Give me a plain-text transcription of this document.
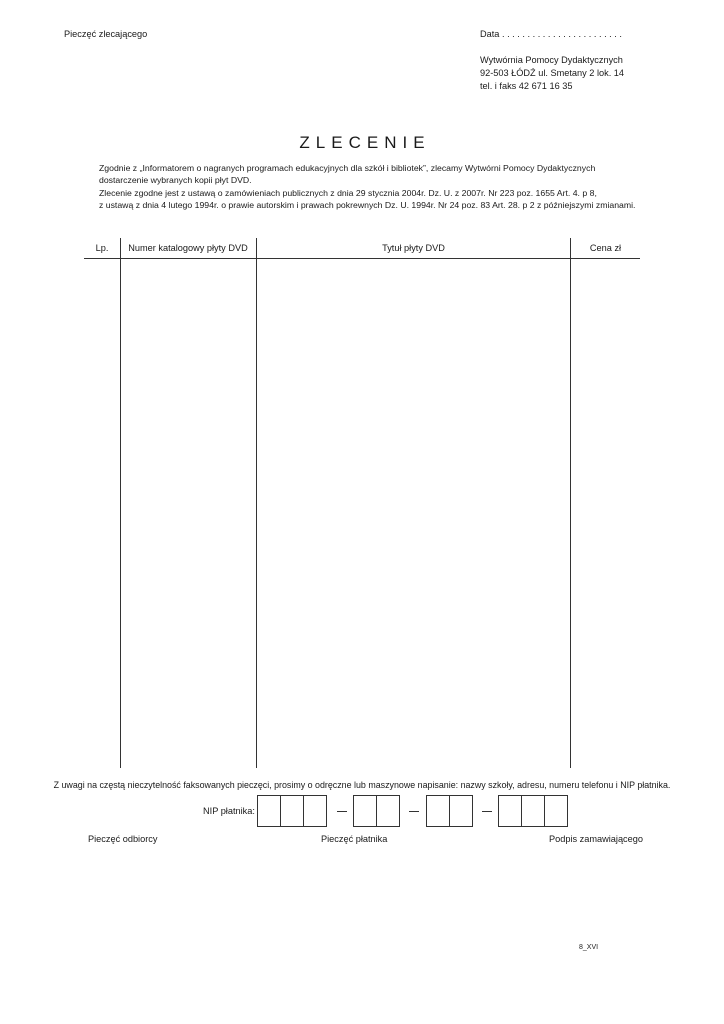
Pieczęć zlecającego	Data . . . . . . . . . . . . . . . . . . . . . . . .
Wytwórnia Pomocy Dydaktycznych
92-503 ŁÓDŹ ul. Smetany 2 lok. 14
tel. i faks 42 671 16 35
ZLECENIE
Zgodnie z „Informatorem o nagranych programach edukacyjnych dla szkół i bibliotek”, zlecamy Wytwórni Pomocy Dydaktycznych
dostarczenie wybranych kopii płyt DVD.
Zlecenie zgodne jest z ustawą o zamówieniach publicznych z dnia 29 stycznia 2004r. Dz. U. z 2007r. Nr 223 poz. 1655 Art. 4. p 8,
z ustawą z dnia 4 lutego 1994r. o prawie autorskim i prawach pokrewnych Dz. U. 1994r. Nr 24 poz. 83 Art. 28. p 2 z późniejszymi zmianami.
Lp.	Numer katalogowy płyty DVD	Tytuł płyty DVD	Cena zł
Z uwagi na częstą nieczytelność faksowanych pieczęci, prosimy o odręczne lub maszynowe napisanie: nazwy szkoły, adresu, numeru telefonu i NIP płatnika.
NIP płatnika:
Pieczęć odbiorcy	Pieczęć płatnika	Podpis zamawiającego
8_XVI
